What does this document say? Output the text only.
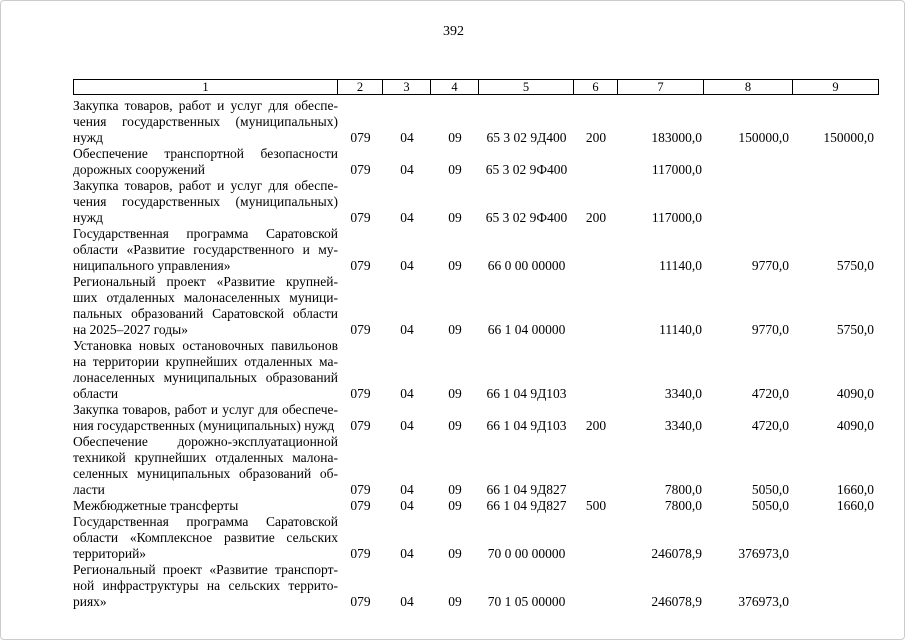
392
1	2	3	4	5	6	7	8	9
Закупка товаров, работ и услуг для обеспе-
чения государственных (муниципальных)
нужд	079	04	09	65 3 02 9Д400	200	183000,0	150000,0	150000,0

Обеспечение транспортной безопасности
дорожных сооружений	079	04	09	65 3 02 9Ф400		117000,0		

Закупка товаров, работ и услуг для обеспе-
чения государственных (муниципальных)
нужд	079	04	09	65 3 02 9Ф400	200	117000,0		

Государственная программа Саратовской
области «Развитие государственного и му-
ниципального управления»	079	04	09	66 0 00 00000		11140,0	9770,0	5750,0

Региональный проект «Развитие крупней-
ших отдаленных малонаселенных муници-
пальных образований Саратовской области
на 2025–2027 годы»	079	04	09	66 1 04 00000		11140,0	9770,0	5750,0

Установка новых остановочных павильонов
на территории крупнейших отдаленных ма-
лонаселенных муниципальных образований
области	079	04	09	66 1 04 9Д103		3340,0	4720,0	4090,0

Закупка товаров, работ и услуг для обеспече-
ния государственных (муниципальных) нужд	079	04	09	66 1 04 9Д103	200	3340,0	4720,0	4090,0

Обеспечение дорожно-эксплуатационной
техникой крупнейших отдаленных малона-
селенных муниципальных образований об-
ласти	079	04	09	66 1 04 9Д827		7800,0	5050,0	1660,0

Межбюджетные трансферты	079	04	09	66 1 04 9Д827	500	7800,0	5050,0	1660,0

Государственная программа Саратовской
области «Комплексное развитие сельских
территорий»	079	04	09	70 0 00 00000		246078,9	376973,0	

Региональный проект «Развитие транспорт-
ной инфраструктуры на сельских террито-
риях»	079	04	09	70 1 05 00000		246078,9	376973,0	
